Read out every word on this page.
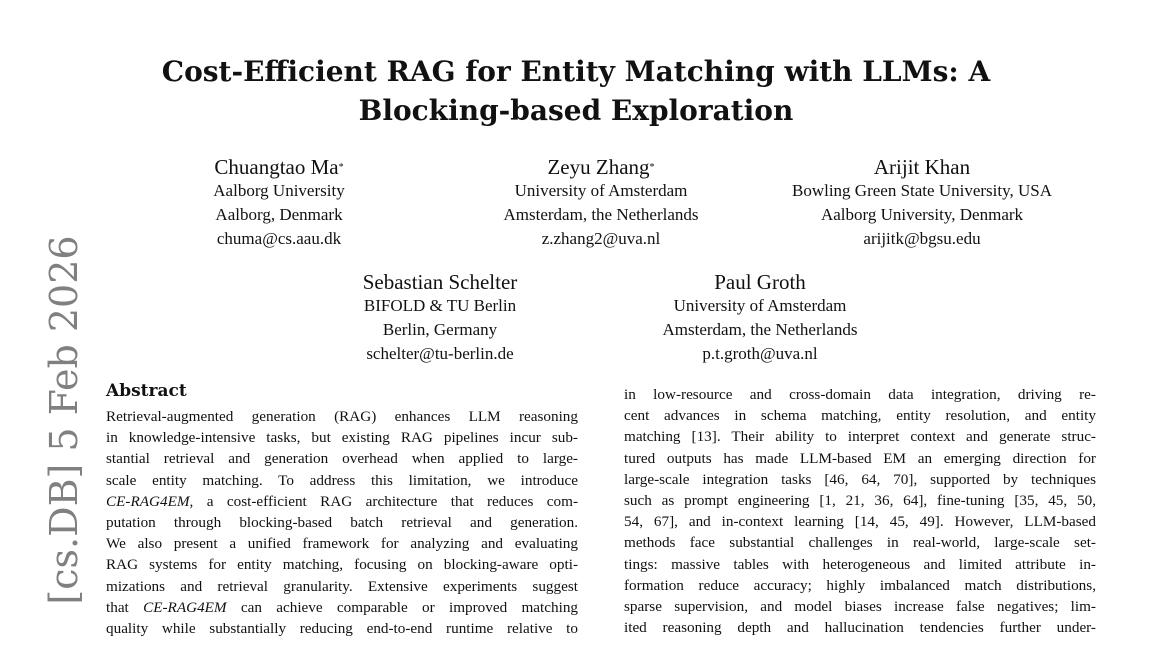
Cost-Efficient RAG for Entity Matching with LLMs: A
Blocking-based Exploration
Chuangtao Ma*
Aalborg University
Aalborg, Denmark
chuma@cs.aau.dk
Zeyu Zhang*
University of Amsterdam
Amsterdam, the Netherlands
z.zhang2@uva.nl
Arijit Khan
Bowling Green State University, USA
Aalborg University, Denmark
arijitk@bgsu.edu
Sebastian Schelter
BIFOLD & TU Berlin
Berlin, Germany
schelter@tu-berlin.de
Paul Groth
University of Amsterdam
Amsterdam, the Netherlands
p.t.groth@uva.nl
[cs.DB] 5 Feb 2026 Abstract
Retrieval-augmented generation (RAG) enhances LLM reasoning
in knowledge-intensive tasks, but existing RAG pipelines incur sub-
stantial retrieval and generation overhead when applied to large-
scale entity matching. To address this limitation, we introduce
CE-RAG4EM, a cost-efficient RAG architecture that reduces com-
putation through blocking-based batch retrieval and generation.
We also present a unified framework for analyzing and evaluating
RAG systems for entity matching, focusing on blocking-aware opti-
mizations and retrieval granularity. Extensive experiments suggest
that CE-RAG4EM can achieve comparable or improved matching
quality while substantially reducing end-to-end runtime relative to
in low-resource and cross-domain data integration, driving re-
cent advances in schema matching, entity resolution, and entity
matching [13]. Their ability to interpret context and generate struc-
tured outputs has made LLM-based EM an emerging direction for
large-scale integration tasks [46, 64, 70], supported by techniques
such as prompt engineering [1, 21, 36, 64], fine-tuning [35, 45, 50,
54, 67], and in-context learning [14, 45, 49]. However, LLM-based
methods face substantial challenges in real-world, large-scale set-
tings: massive tables with heterogeneous and limited attribute in-
formation reduce accuracy; highly imbalanced match distributions,
sparse supervision, and model biases increase false negatives; lim-
ited reasoning depth and hallucination tendencies further under-
